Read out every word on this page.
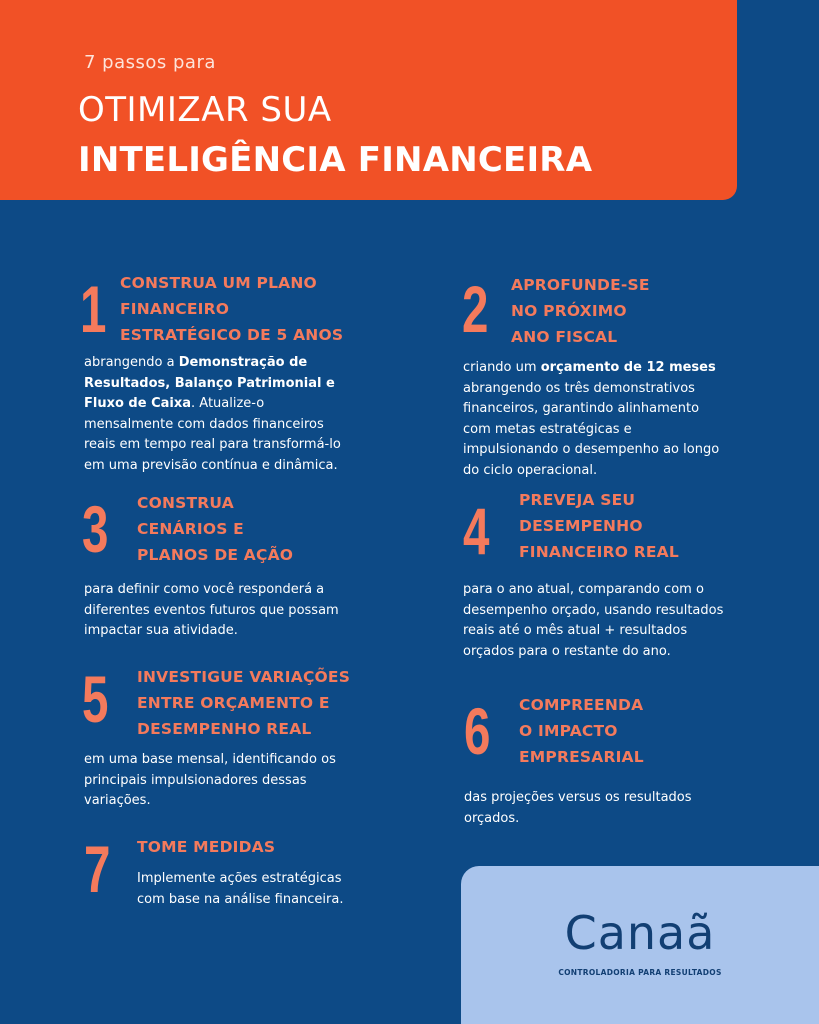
7 passos para
OTIMIZAR SUA
INTELIGÊNCIA FINANCEIRA
1 CONSTRUA UM PLANO
FINANCEIRO
ESTRATÉGICO DE 5 ANOS
abrangendo a Demonstração de Resultados, Balanço Patrimonial e Fluxo de Caixa. Atualize-o mensalmente com dados financeiros reais em tempo real para transformá-lo em uma previsão contínua e dinâmica.
2 APROFUNDE-SE
NO PRÓXIMO
ANO FISCAL
criando um orçamento de 12 meses abrangendo os três demonstrativos financeiros, garantindo alinhamento com metas estratégicas e impulsionando o desempenho ao longo do ciclo operacional.
3 CONSTRUA
CENÁRIOS E
PLANOS DE AÇÃO
para definir como você responderá a diferentes eventos futuros que possam impactar sua atividade.
4 PREVEJA SEU
DESEMPENHO
FINANCEIRO REAL
para o ano atual, comparando com o desempenho orçado, usando resultados reais até o mês atual + resultados orçados para o restante do ano.
5 INVESTIGUE VARIAÇÕES
ENTRE ORÇAMENTO E
DESEMPENHO REAL
em uma base mensal, identificando os principais impulsionadores dessas variações.
6 COMPREENDA
O IMPACTO
EMPRESARIAL
das projeções versus os resultados orçados.
7 TOME MEDIDAS
Implemente ações estratégicas com base na análise financeira.
Canaã
CONTROLADORIA PARA RESULTADOS
